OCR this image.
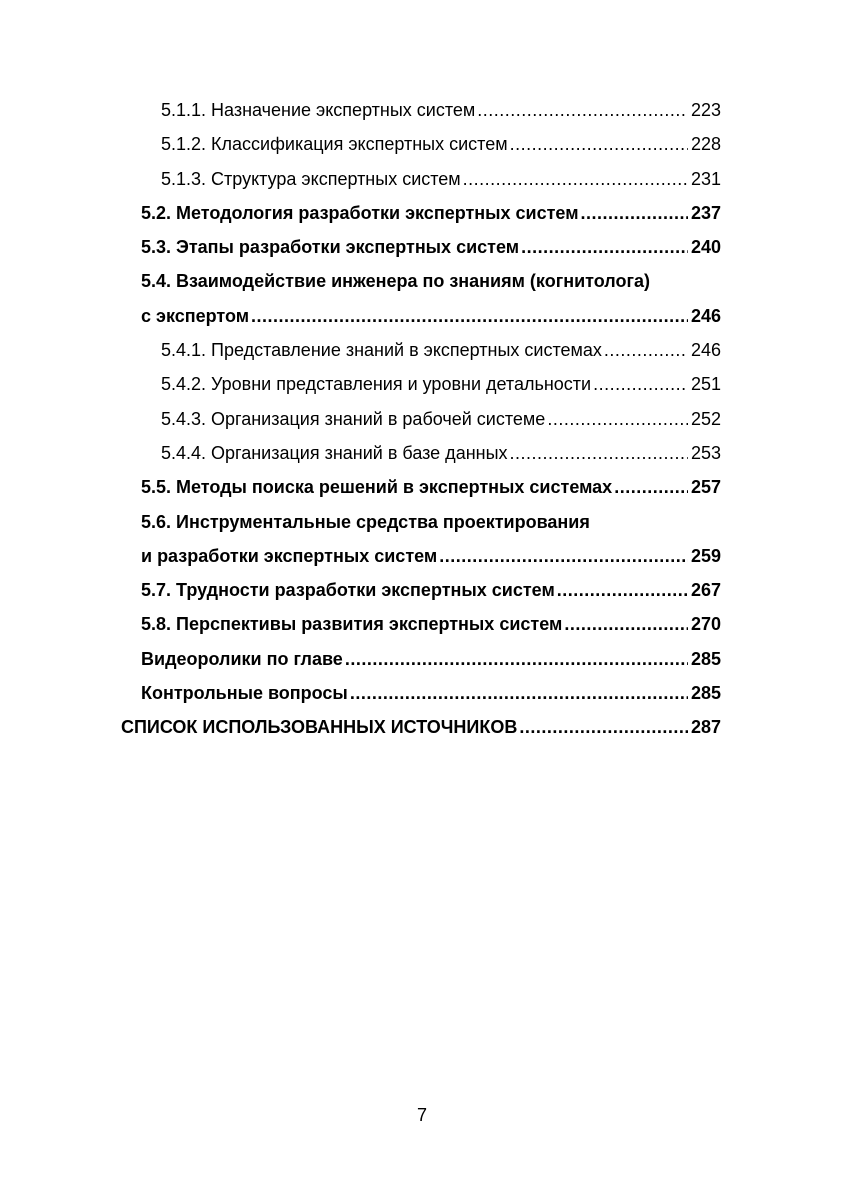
5.1.1. Назначение экспертных систем .....	223
5.1.2. Классификация экспертных систем .....	228
5.1.3. Структура экспертных систем .....	231
5.2. Методология разработки экспертных систем .....	237
5.3. Этапы разработки экспертных систем .....	240
5.4. Взаимодействие инженера по знаниям (когнитолога)
с экспертом .....	246
5.4.1. Представление знаний в экспертных системах .....	246
5.4.2. Уровни представления и уровни детальности .....	251
5.4.3. Организация знаний в рабочей системе .....	252
5.4.4. Организация знаний в базе данных .....	253
5.5. Методы поиска решений в экспертных системах .....	257
5.6. Инструментальные средства проектирования
и разработки экспертных систем .....	259
5.7. Трудности разработки экспертных систем .....	267
5.8. Перспективы развития экспертных систем .....	270
Видеоролики по главе .....	285
Контрольные вопросы .....	285
СПИСОК ИСПОЛЬЗОВАННЫХ ИСТОЧНИКОВ .....	287
7
